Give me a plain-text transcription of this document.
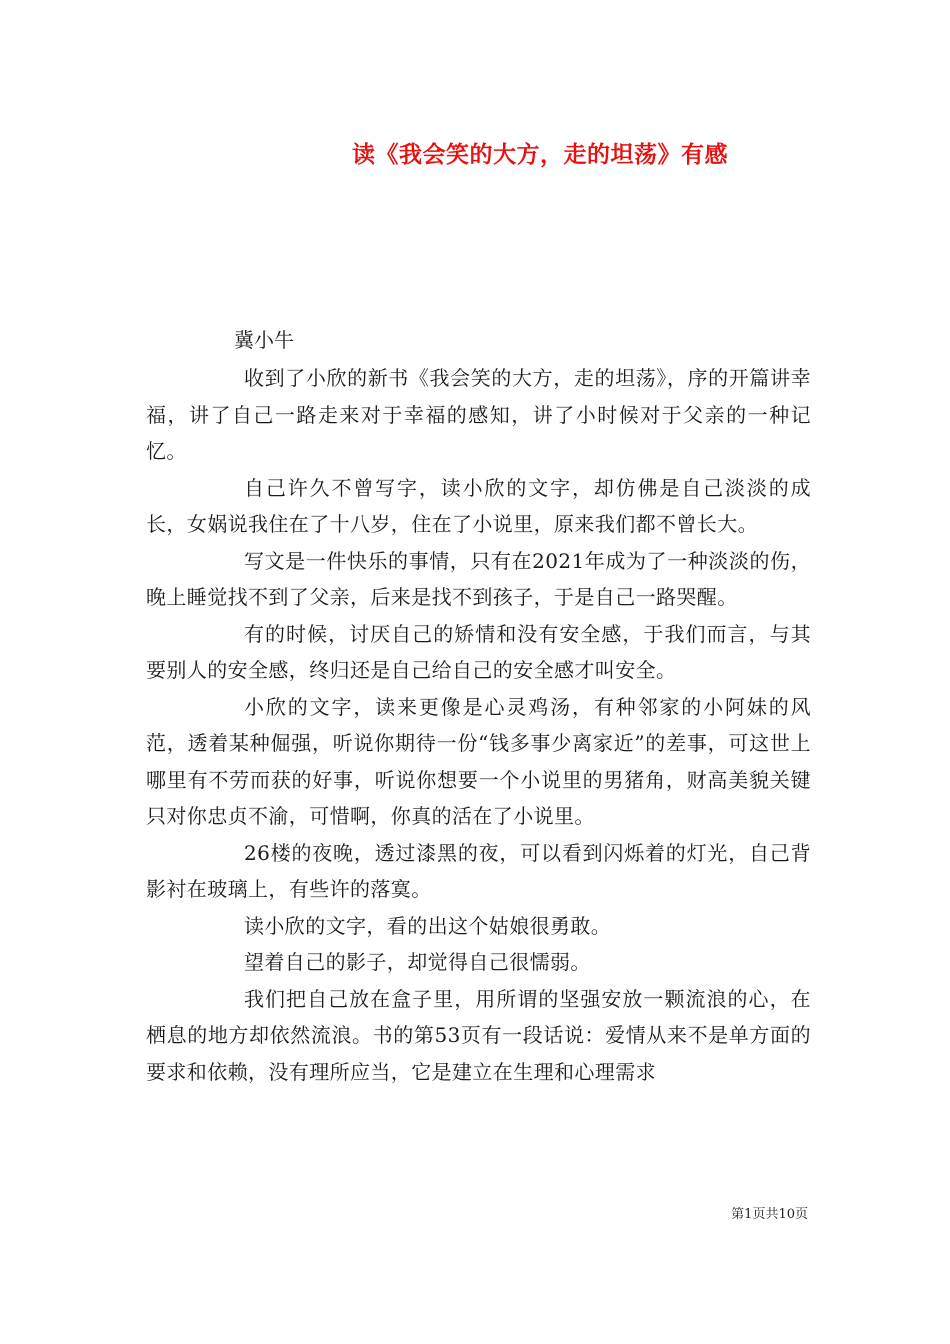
读《我会笑的大方，走的坦荡》有感
冀小牛

收到了小欣的新书《我会笑的大方，走的坦荡》，序的开篇讲幸福，讲了自己一路走来对于幸福的感知，讲了小时候对于父亲的一种记忆。

自己许久不曾写字，读小欣的文字，却仿佛是自己淡淡的成长，女娲说我住在了十八岁，住在了小说里，原来我们都不曾长大。

写文是一件快乐的事情，只有在2021年成为了一种淡淡的伤，晚上睡觉找不到了父亲，后来是找不到孩子，于是自己一路哭醒。

有的时候，讨厌自己的矫情和没有安全感，于我们而言，与其要别人的安全感，终归还是自己给自己的安全感才叫安全。

小欣的文字，读来更像是心灵鸡汤，有种邻家的小阿妹的风范，透着某种倔强，听说你期待一份“钱多事少离家近”的差事，可这世上哪里有不劳而获的好事，听说你想要一个小说里的男猪角，财高美貌关键只对你忠贞不渝，可惜啊，你真的活在了小说里。

26楼的夜晚，透过漆黑的夜，可以看到闪烁着的灯光，自己背影衬在玻璃上，有些许的落寞。

读小欣的文字，看的出这个姑娘很勇敢。

望着自己的影子，却觉得自己很懦弱。

我们把自己放在盒子里，用所谓的坚强安放一颗流浪的心，在栖息的地方却依然流浪。书的第53页有一段话说：爱情从来不是单方面的要求和依赖，没有理所应当，它是建立在生理和心理需求

第1页共10页
